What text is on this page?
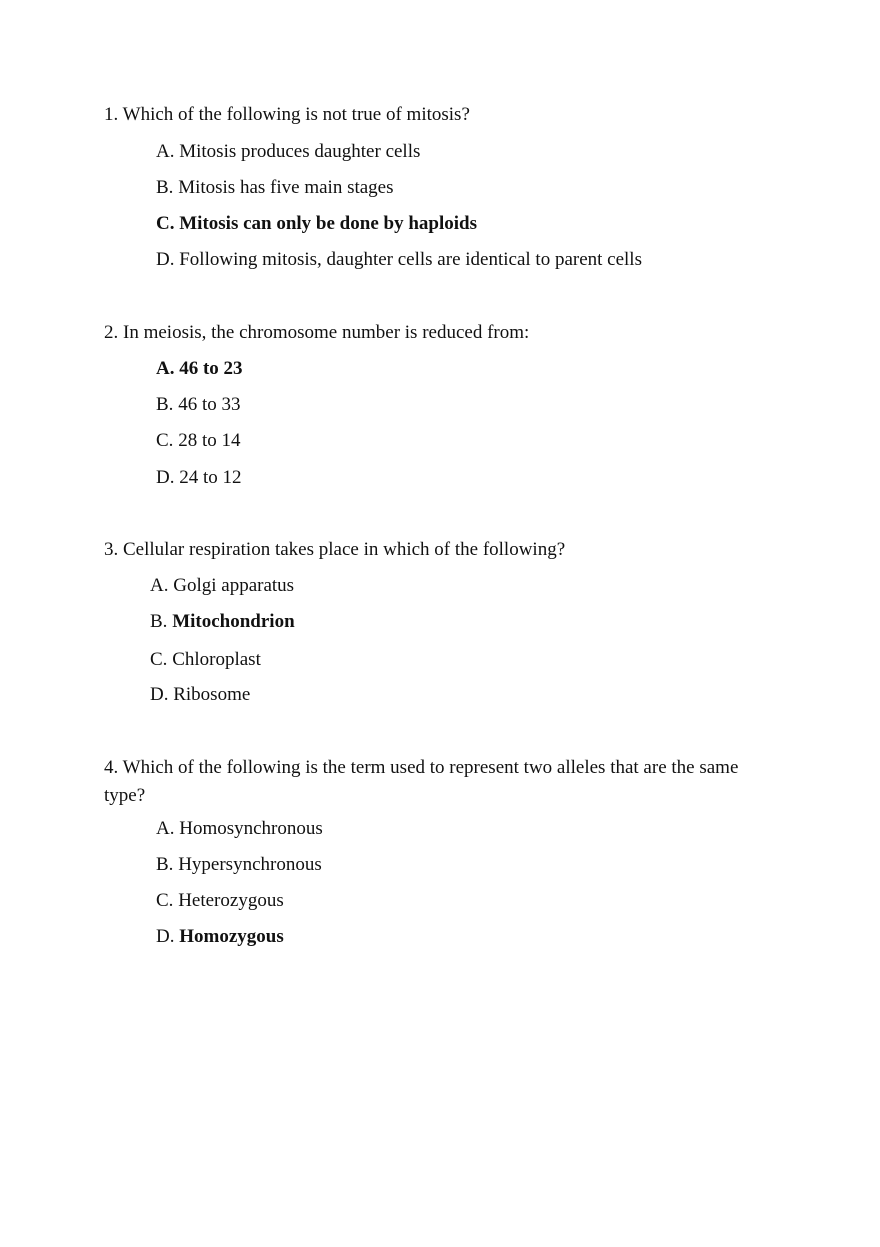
1. Which of the following is not true of mitosis?
A. Mitosis produces daughter cells
B. Mitosis has five main stages
C. Mitosis can only be done by haploids
D. Following mitosis, daughter cells are identical to parent cells
2. In meiosis, the chromosome number is reduced from:
A. 46 to 23
B. 46 to 33
C. 28 to 14
D. 24 to 12
3. Cellular respiration takes place in which of the following?
A. Golgi apparatus
B. Mitochondrion
C. Chloroplast
D. Ribosome
4. Which of the following is the term used to represent two alleles that are the same
type?
A. Homosynchronous
B. Hypersynchronous
C. Heterozygous
D. Homozygous
